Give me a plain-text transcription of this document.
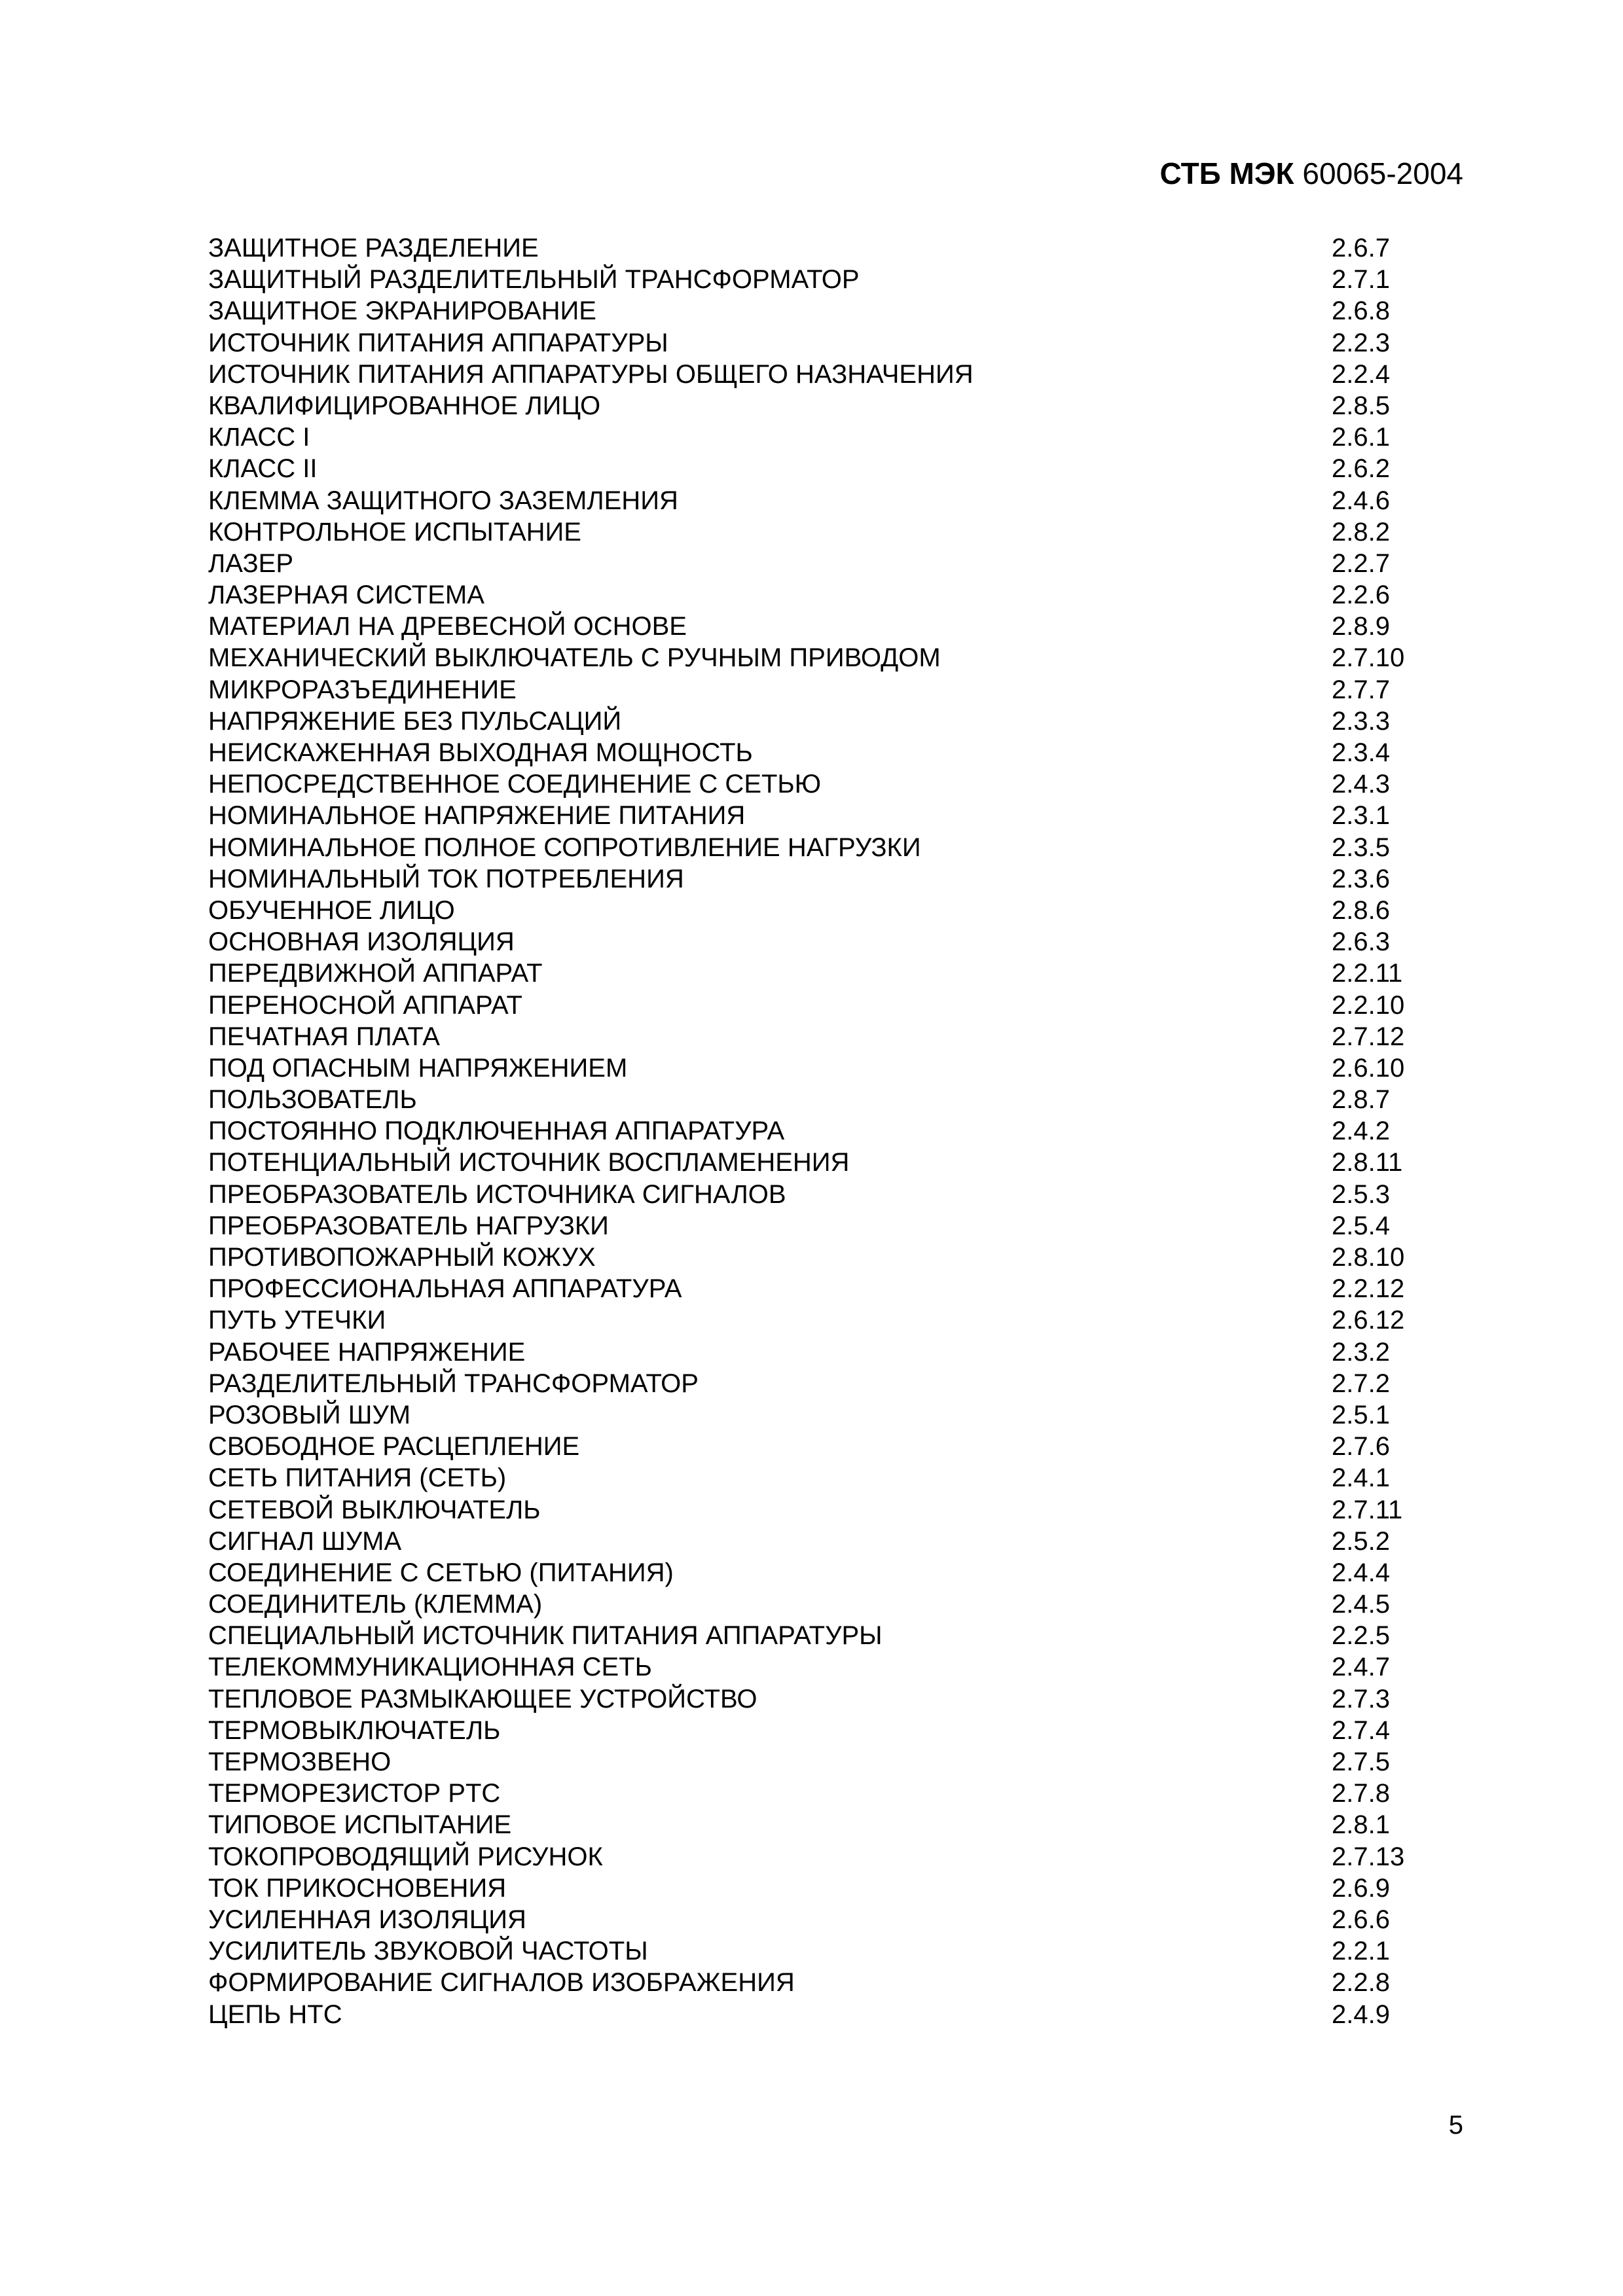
СТБ МЭК 60065-2004
ЗАЩИТНОЕ РАЗДЕЛЕНИЕ	2.6.7
ЗАЩИТНЫЙ РАЗДЕЛИТЕЛЬНЫЙ ТРАНСФОРМАТОР	2.7.1
ЗАЩИТНОЕ ЭКРАНИРОВАНИЕ	2.6.8
ИСТОЧНИК ПИТАНИЯ АППАРАТУРЫ	2.2.3
ИСТОЧНИК ПИТАНИЯ АППАРАТУРЫ ОБЩЕГО НАЗНАЧЕНИЯ	2.2.4
КВАЛИФИЦИРОВАННОЕ ЛИЦО	2.8.5
КЛАСС I	2.6.1
КЛАСС II	2.6.2
КЛЕММА ЗАЩИТНОГО ЗАЗЕМЛЕНИЯ	2.4.6
КОНТРОЛЬНОЕ ИСПЫТАНИЕ	2.8.2
ЛАЗЕР	2.2.7
ЛАЗЕРНАЯ СИСТЕМА	2.2.6
МАТЕРИАЛ НА ДРЕВЕСНОЙ ОСНОВЕ	2.8.9
МЕХАНИЧЕСКИЙ ВЫКЛЮЧАТЕЛЬ С РУЧНЫМ ПРИВОДОМ	2.7.10
МИКРОРАЗЪЕДИНЕНИЕ	2.7.7
НАПРЯЖЕНИЕ БЕЗ ПУЛЬСАЦИЙ	2.3.3
НЕИСКАЖЕННАЯ ВЫХОДНАЯ МОЩНОСТЬ	2.3.4
НЕПОСРЕДСТВЕННОЕ СОЕДИНЕНИЕ С СЕТЬЮ	2.4.3
НОМИНАЛЬНОЕ НАПРЯЖЕНИЕ ПИТАНИЯ	2.3.1
НОМИНАЛЬНОЕ ПОЛНОЕ СОПРОТИВЛЕНИЕ НАГРУЗКИ	2.3.5
НОМИНАЛЬНЫЙ ТОК ПОТРЕБЛЕНИЯ	2.3.6
ОБУЧЕННОЕ ЛИЦО	2.8.6
ОСНОВНАЯ ИЗОЛЯЦИЯ	2.6.3
ПЕРЕДВИЖНОЙ АППАРАТ	2.2.11
ПЕРЕНОСНОЙ АППАРАТ	2.2.10
ПЕЧАТНАЯ ПЛАТА	2.7.12
ПОД ОПАСНЫМ НАПРЯЖЕНИЕМ	2.6.10
ПОЛЬЗОВАТЕЛЬ	2.8.7
ПОСТОЯННО ПОДКЛЮЧЕННАЯ АППАРАТУРА	2.4.2
ПОТЕНЦИАЛЬНЫЙ ИСТОЧНИК ВОСПЛАМЕНЕНИЯ	2.8.11
ПРЕОБРАЗОВАТЕЛЬ ИСТОЧНИКА СИГНАЛОВ	2.5.3
ПРЕОБРАЗОВАТЕЛЬ НАГРУЗКИ	2.5.4
ПРОТИВОПОЖАРНЫЙ КОЖУХ	2.8.10
ПРОФЕССИОНАЛЬНАЯ АППАРАТУРА	2.2.12
ПУТЬ УТЕЧКИ	2.6.12
РАБОЧЕЕ НАПРЯЖЕНИЕ	2.3.2
РАЗДЕЛИТЕЛЬНЫЙ ТРАНСФОРМАТОР	2.7.2
РОЗОВЫЙ ШУМ	2.5.1
СВОБОДНОЕ РАСЦЕПЛЕНИЕ	2.7.6
СЕТЬ ПИТАНИЯ (СЕТЬ)	2.4.1
СЕТЕВОЙ ВЫКЛЮЧАТЕЛЬ	2.7.11
СИГНАЛ ШУМА	2.5.2
СОЕДИНЕНИЕ С СЕТЬЮ (ПИТАНИЯ)	2.4.4
СОЕДИНИТЕЛЬ (КЛЕММА)	2.4.5
СПЕЦИАЛЬНЫЙ ИСТОЧНИК ПИТАНИЯ АППАРАТУРЫ	2.2.5
ТЕЛЕКОММУНИКАЦИОННАЯ СЕТЬ	2.4.7
ТЕПЛОВОЕ РАЗМЫКАЮЩЕЕ УСТРОЙСТВО	2.7.3
ТЕРМОВЫКЛЮЧАТЕЛЬ	2.7.4
ТЕРМОЗВЕНО	2.7.5
ТЕРМОРЕЗИСТОР PTC	2.7.8
ТИПОВОЕ ИСПЫТАНИЕ	2.8.1
ТОКОПРОВОДЯЩИЙ РИСУНОК	2.7.13
ТОК ПРИКОСНОВЕНИЯ	2.6.9
УСИЛЕННАЯ ИЗОЛЯЦИЯ	2.6.6
УСИЛИТЕЛЬ ЗВУКОВОЙ ЧАСТОТЫ	2.2.1
ФОРМИРОВАНИЕ СИГНАЛОВ ИЗОБРАЖЕНИЯ	2.2.8
ЦЕПЬ НТС	2.4.9
5
